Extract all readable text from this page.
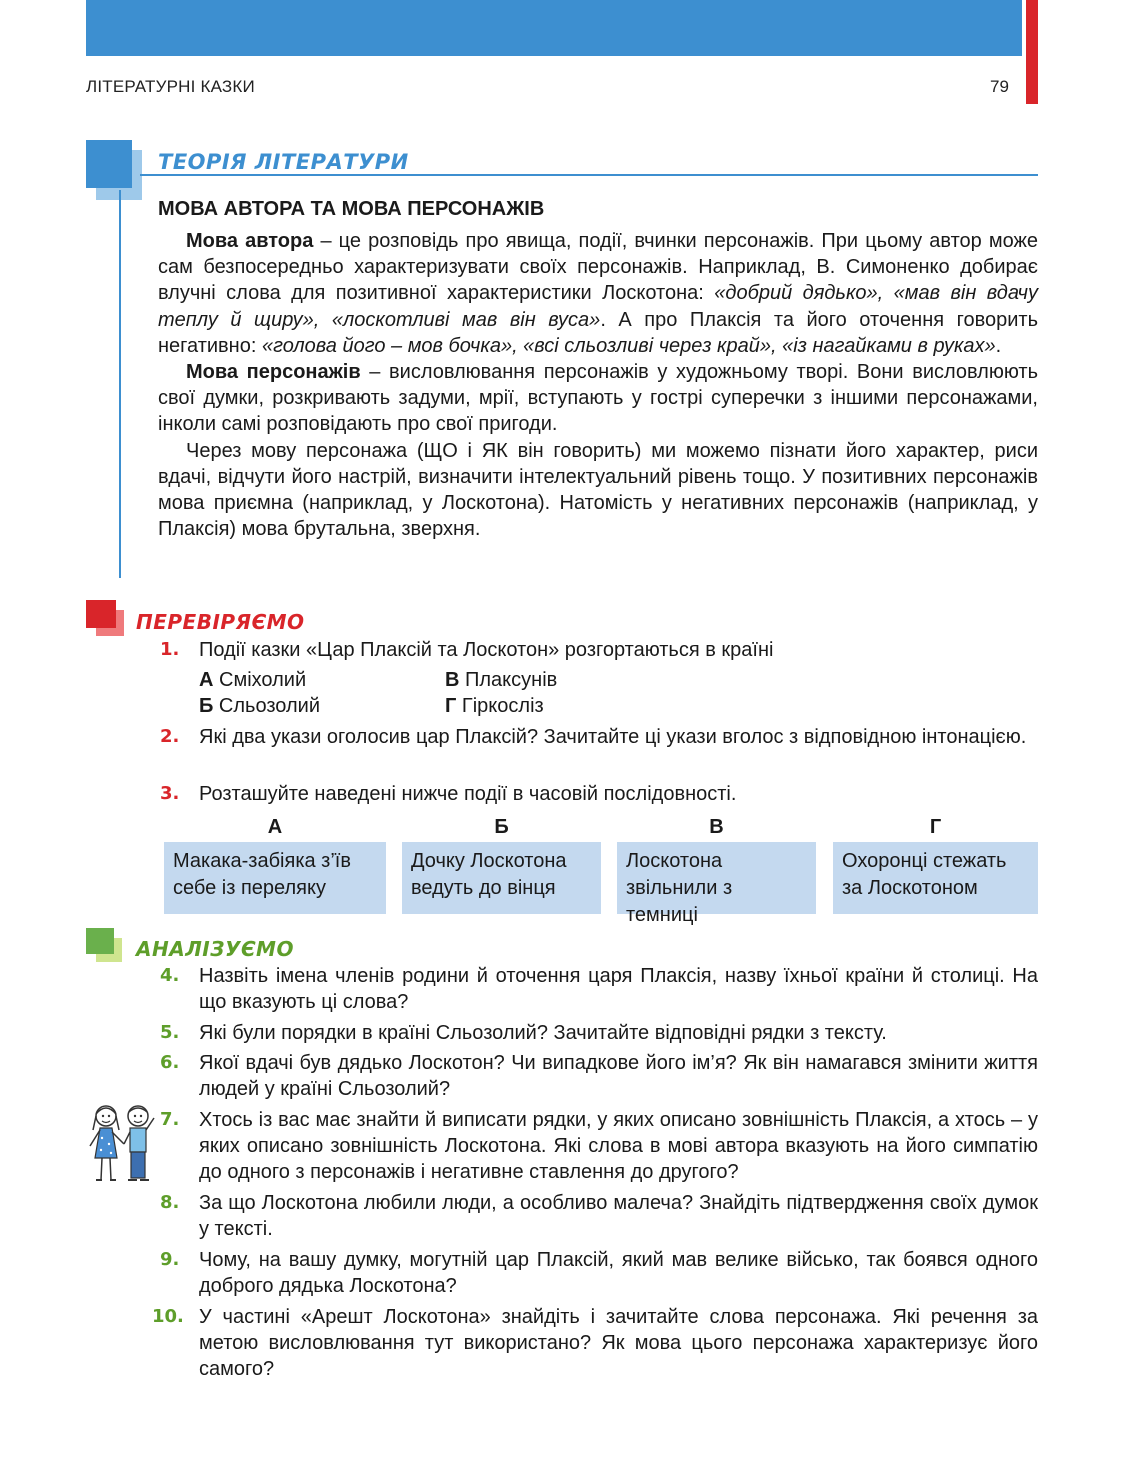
ЛІТЕРАТУРНІ КАЗКИ	79
ТЕОРІЯ ЛІТЕРАТУРИ
МОВА АВТОРА ТА МОВА ПЕРСОНАЖІВ

Мова автора – це розповідь про явища, події, вчинки персонажів. При цьому автор може сам безпосередньо характеризувати своїх персонажів. Наприклад, В. Симоненко добирає влучні слова для позитивної характеристики Лоскотона: «добрий дядько», «мав він вдачу теплу й щиру», «лоскотливі мав він вуса». А про Плаксія та його оточення говорить негативно: «голова його – мов бочка», «всі сльозливі через край», «із нагайками в руках».

Мова персонажів – висловлювання персонажів у художньому творі. Вони висловлюють свої думки, розкривають задуми, мрії, вступають у гострі суперечки з іншими персонажами, інколи самі розповідають про свої пригоди.

Через мову персонажа (ЩО і ЯК він говорить) ми можемо пізнати його характер, риси вдачі, відчути його настрій, визначити інтелектуальний рівень тощо. У позитивних персонажів мова приємна (наприклад, у Лоскотона). Натомість у негативних персонажів (наприклад, у Плаксія) мова брутальна, зверхня.

ПЕРЕВІРЯЄМО
1. Події казки «Цар Плаксій та Лоскотон» розгортаються в країні
А Сміхолий
Б Сльозолий
В Плаксунів
Г Гіркосліз
2. Які два укази оголосив цар Плаксій? Зачитайте ці укази вголос з відповідною інтонацією.
3. Розташуйте наведені нижче події в часовій послідовності.
А	Б	В	Г
Макака-забіяка з’їв себе із переляку
Дочку Лоскотона ведуть до вінця
Лоскотона звільнили з темниці
Охоронці стежать за Лоскотоном
АНАЛІЗУЄМО
4. Назвіть імена членів родини й оточення царя Плаксія, назву їхньої країни й столиці. На що вказують ці слова?
5. Які були порядки в країні Сльозолий? Зачитайте відповідні рядки з тексту.
6. Якої вдачі був дядько Лоскотон? Чи випадкове його ім’я? Як він намагався змінити життя людей у країні Сльозолий?
7. Хтось із вас має знайти й виписати рядки, у яких описано зовнішність Плаксія, а хтось – у яких описано зовнішність Лоскотона. Які слова в мові автора вказують на його симпатію до одного з персонажів і негативне ставлення до другого?
8. За що Лоскотона любили люди, а особливо малеча? Знайдіть підтвердження своїх думок у тексті.
9. Чому, на вашу думку, могутній цар Плаксій, який мав велике військо, так боявся одного доброго дядька Лоскотона?
10. У частині «Арешт Лоскотона» знайдіть і зачитайте слова персонажа. Які речення за метою висловлювання тут використано? Як мова цього персонажа характеризує його самого?
